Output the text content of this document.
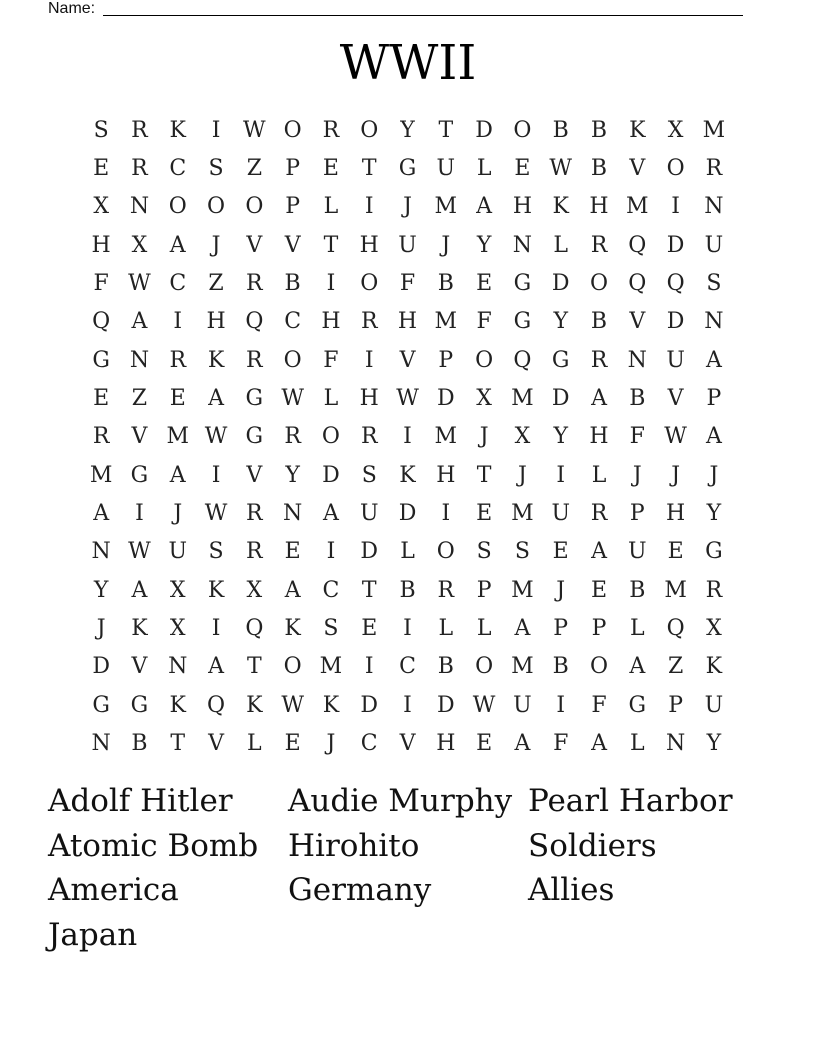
Name:
WWII
S	R K	I	W O R O	Y	T	D O B	B K	X M
E R C	S	Z	P	E	T	G U L	E W B	V O R
X N O O O P	L	I	J	M A H K H M	I	N
H X	A	J	V	V	T H U	J	Y N L	R Q D U
F W C	Z	R B	I	O F	B	E G D O Q Q S
Q A	I	H Q C H R H M F G	Y	B	V D N
G N R K R O F	I	V	P O Q G R N U A
E	Z	E	A G W L H W D X M D A	B	V	P
R	V M W G R O R	I	M	J	X	Y H F W A
M G A	I	V	Y	D S	K H T	J	I	L	J	J	J
A	I	J	W R N A U D	I	E M U R	P H Y
N W U S	R E	I	D	L O S	S	E	A U E G
Y	A	X	K	X	A C	T	B R	P M	J	E	B M R
J	K	X	I	Q K	S	E	I	L	L	A	P	P	L Q X
D V N A	T O M	I	C B O M B O A	Z	K
G G K Q K W K D	I	D W U	I	F G	P U
N B	T	V	L	E	J	C V H E	A	F	A	L N Y
Adolf Hitler	Audie Murphy Pearl Harbor
Atomic Bomb Hirohito	Soldiers
America	Germany	Allies
Japan
